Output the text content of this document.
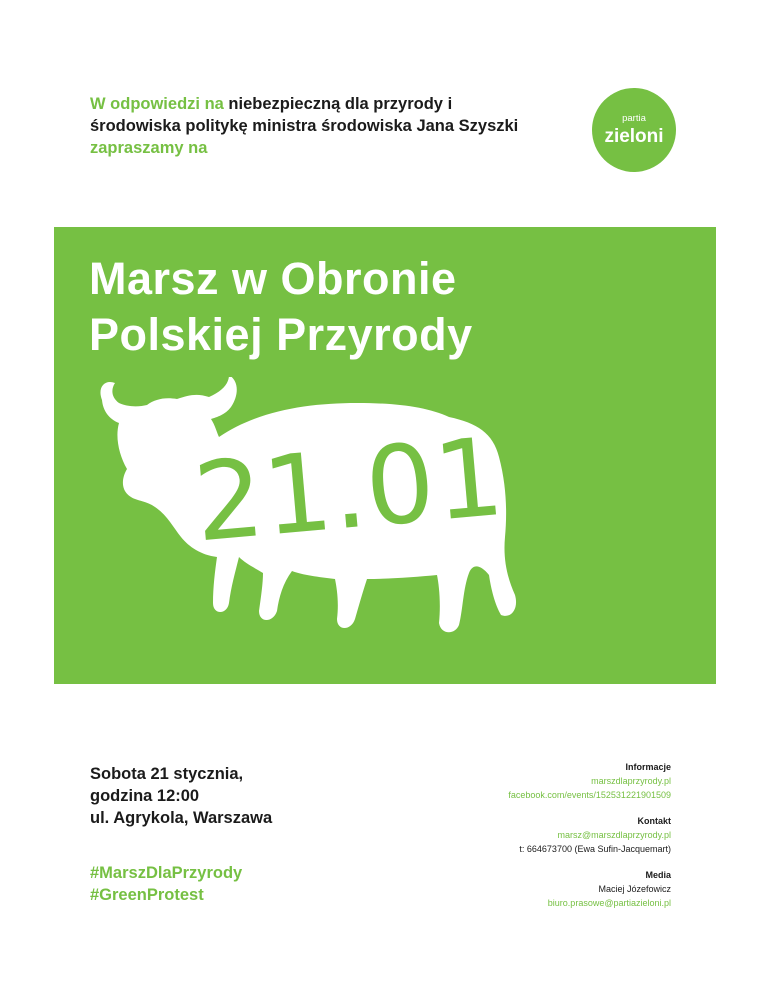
W odpowiedzi na niebezpieczną dla przyrody i środowiska politykę ministra środowiska Jana Szyszki zapraszamy na

partia
zieloni
Marsz w Obronie
Polskiej Przyrody
21.01
Sobota 21 stycznia,
godzina 12:00
ul. Agrykola, Warszawa
#MarszDlaPrzyrody
#GreenProtest
Informacje
marszdlaprzyrody.pl
facebook.com/events/152531221901509
Kontakt
marsz@marszdlaprzyrody.pl
t: 664673700 (Ewa Sufin-Jacquemart)
Media
Maciej Józefowicz
biuro.prasowe@partiazieloni.pl
